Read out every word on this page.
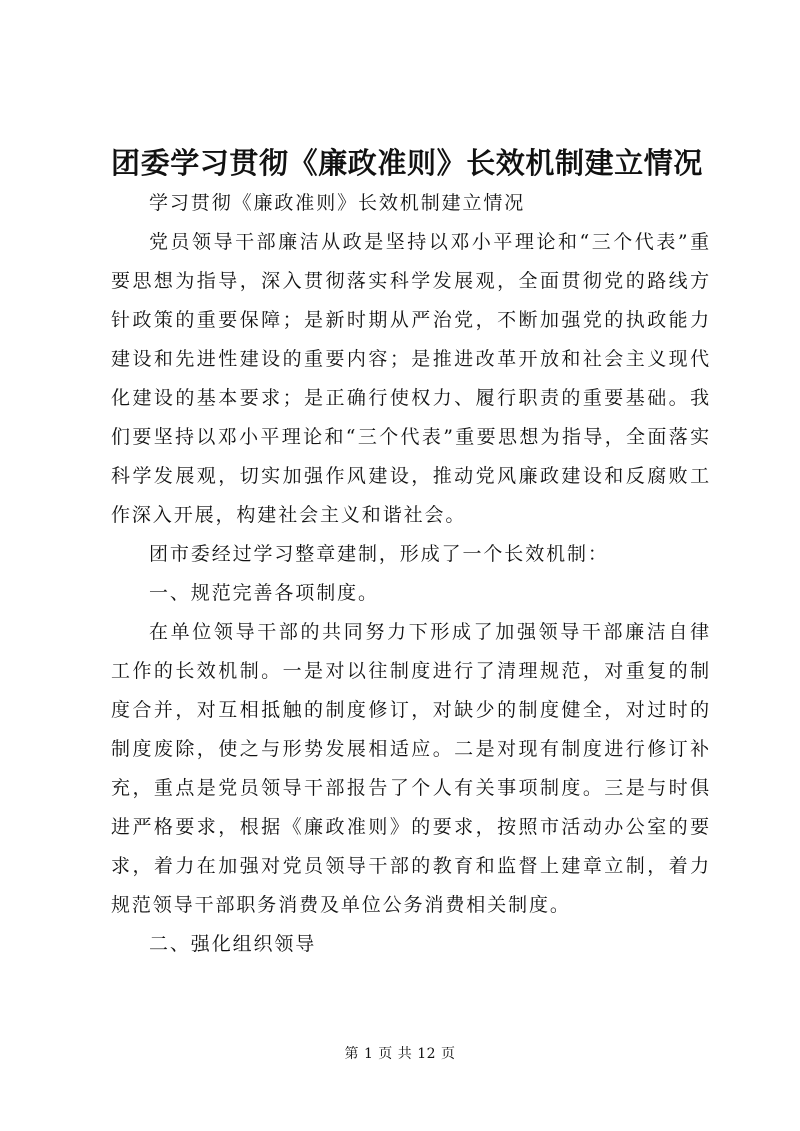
团委学习贯彻《廉政准则》长效机制建立情况

学习贯彻《廉政准则》长效机制建立情况

党员领导干部廉洁从政是坚持以邓小平理论和“三个代表”重要思想为指导，深入贯彻落实科学发展观，全面贯彻党的路线方针政策的重要保障；是新时期从严治党，不断加强党的执政能力建设和先进性建设的重要内容；是推进改革开放和社会主义现代化建设的基本要求；是正确行使权力、履行职责的重要基础。我们要坚持以邓小平理论和“三个代表”重要思想为指导，全面落实科学发展观，切实加强作风建设，推动党风廉政建设和反腐败工作深入开展，构建社会主义和谐社会。

团市委经过学习整章建制，形成了一个长效机制：

一、规范完善各项制度。

在单位领导干部的共同努力下形成了加强领导干部廉洁自律工作的长效机制。一是对以往制度进行了清理规范，对重复的制度合并，对互相抵触的制度修订，对缺少的制度健全，对过时的制度废除，使之与形势发展相适应。二是对现有制度进行修订补充，重点是党员领导干部报告了个人有关事项制度。三是与时俱进严格要求，根据《廉政准则》的要求，按照市活动办公室的要求，着力在加强对党员领导干部的教育和监督上建章立制，着力规范领导干部职务消费及单位公务消费相关制度。

二、强化组织领导

第 1 页 共 12 页
